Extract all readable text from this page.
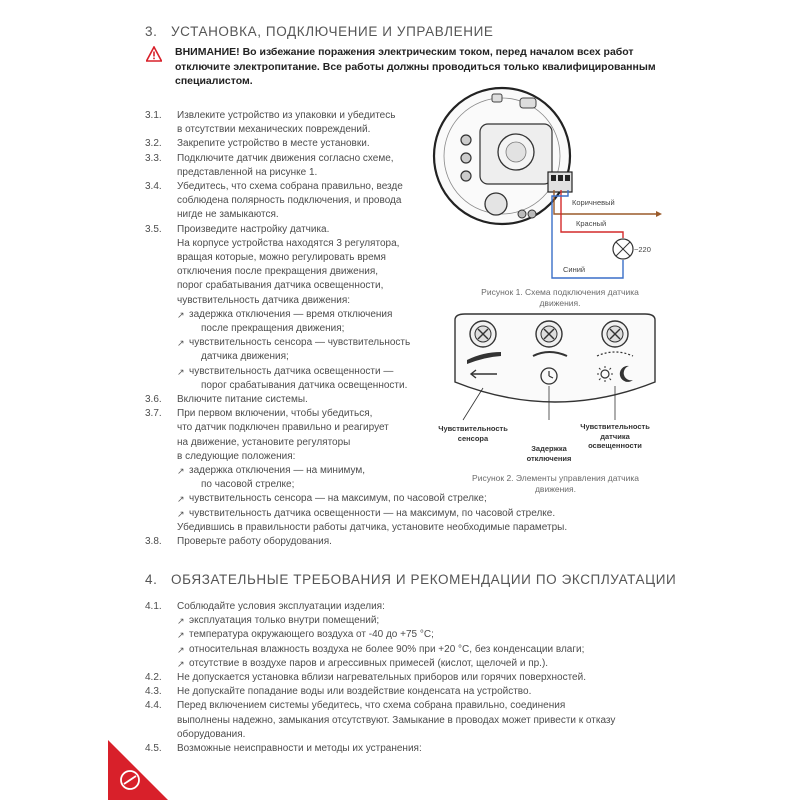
3. УСТАНОВКА, ПОДКЛЮЧЕНИЕ И УПРАВЛЕНИЕ
ВНИМАНИЕ! Во избежание поражения электрическим током, перед началом всех работ
отключите электропитание. Все работы должны проводиться только квалифицированным
специалистом.
3.1. Извлеките устройство из упаковки и убедитесь
в отсутствии механических повреждений.
3.2. Закрепите устройство в месте установки.
3.3. Подключите датчик движения согласно схеме,
представленной на рисунке 1.
3.4. Убедитесь, что схема собрана правильно, везде
соблюдена полярность подключения, и провода
нигде не замыкаются.
3.5. Произведите настройку датчика.
На корпусе устройства находятся 3 регулятора,
вращая которые, можно регулировать время
отключения после прекращения движения,
порог срабатывания датчика освещенности,
чувствительность датчика движения:
↗ задержка отключения — время отключения
после прекращения движения;
↗ чувствительность сенсора — чувствительность
датчика движения;
↗ чувствительность датчика освещенности —
порог срабатывания датчика освещенности.
3.6. Включите питание системы.
3.7. При первом включении, чтобы убедиться,
что датчик подключен правильно и реагирует
на движение, установите регуляторы
в следующие положения:
↗ задержка отключения — на минимум,
по часовой стрелке;
↗ чувствительность сенсора — на максимум, по часовой стрелке;
↗ чувствительность датчика освещенности — на максимум, по часовой стрелке.
Убедившись в правильности работы датчика, установите необходимые параметры.
3.8. Проверьте работу оборудования.
Коричневый
Красный
~220
Синий
Рисунок 1. Схема подключения датчика
движения.
Чувствительность
сенсора
Задержка
отключения
Чувствительность
датчика
освещенности
Рисунок 2. Элементы управления датчика
движения.
4. ОБЯЗАТЕЛЬНЫЕ ТРЕБОВАНИЯ И РЕКОМЕНДАЦИИ ПО ЭКСПЛУАТАЦИИ
4.1. Соблюдайте условия эксплуатации изделия:
↗ эксплуатация только внутри помещений;
↗ температура окружающего воздуха от -40 до +75 °С;
↗ относительная влажность воздуха не более 90% при +20 °С, без конденсации влаги;
↗ отсутствие в воздухе паров и агрессивных примесей (кислот, щелочей и пр.).
4.2. Не допускается установка вблизи нагревательных приборов или горячих поверхностей.
4.3. Не допускайте попадание воды или воздействие конденсата на устройство.
4.4. Перед включением системы убедитесь, что схема собрана правильно, соединения
выполнены надежно, замыкания отсутствуют. Замыкание в проводах может привести к отказу
оборудования.
4.5. Возможные неисправности и методы их устранения:
